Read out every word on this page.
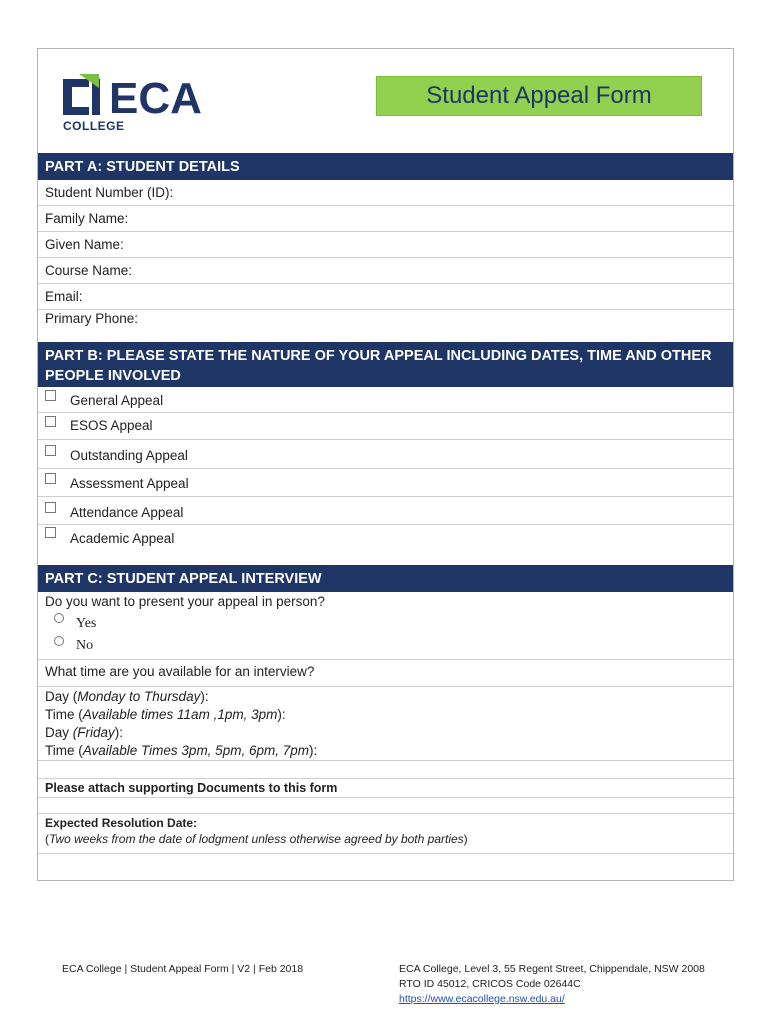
ECA
COLLEGE
Student Appeal Form
PART A: STUDENT DETAILS
Student Number (ID):
Family Name:
Given Name:
Course Name:
Email:
Primary Phone:
PART B: PLEASE STATE THE NATURE OF YOUR APPEAL INCLUDING DATES, TIME AND OTHER
PEOPLE INVOLVED
General Appeal
ESOS Appeal
Outstanding Appeal
Assessment Appeal
Attendance Appeal
Academic Appeal
PART C: STUDENT APPEAL INTERVIEW
Do you want to present your appeal in person?
Yes
No
What time are you available for an interview?
Day (Monday to Thursday):
Time (Available times 11am ,1pm, 3pm):
Day (Friday):
Time (Available Times 3pm, 5pm, 6pm, 7pm):
Please attach supporting Documents to this form
Expected Resolution Date:
(Two weeks from the date of lodgment unless otherwise agreed by both parties)
ECA College | Student Appeal Form | V2 | Feb 2018	ECA College, Level 3, 55 Regent Street, Chippendale, NSW 2008
RTO ID 45012, CRICOS Code 02644C
https://www.ecacollege.nsw.edu.au/
